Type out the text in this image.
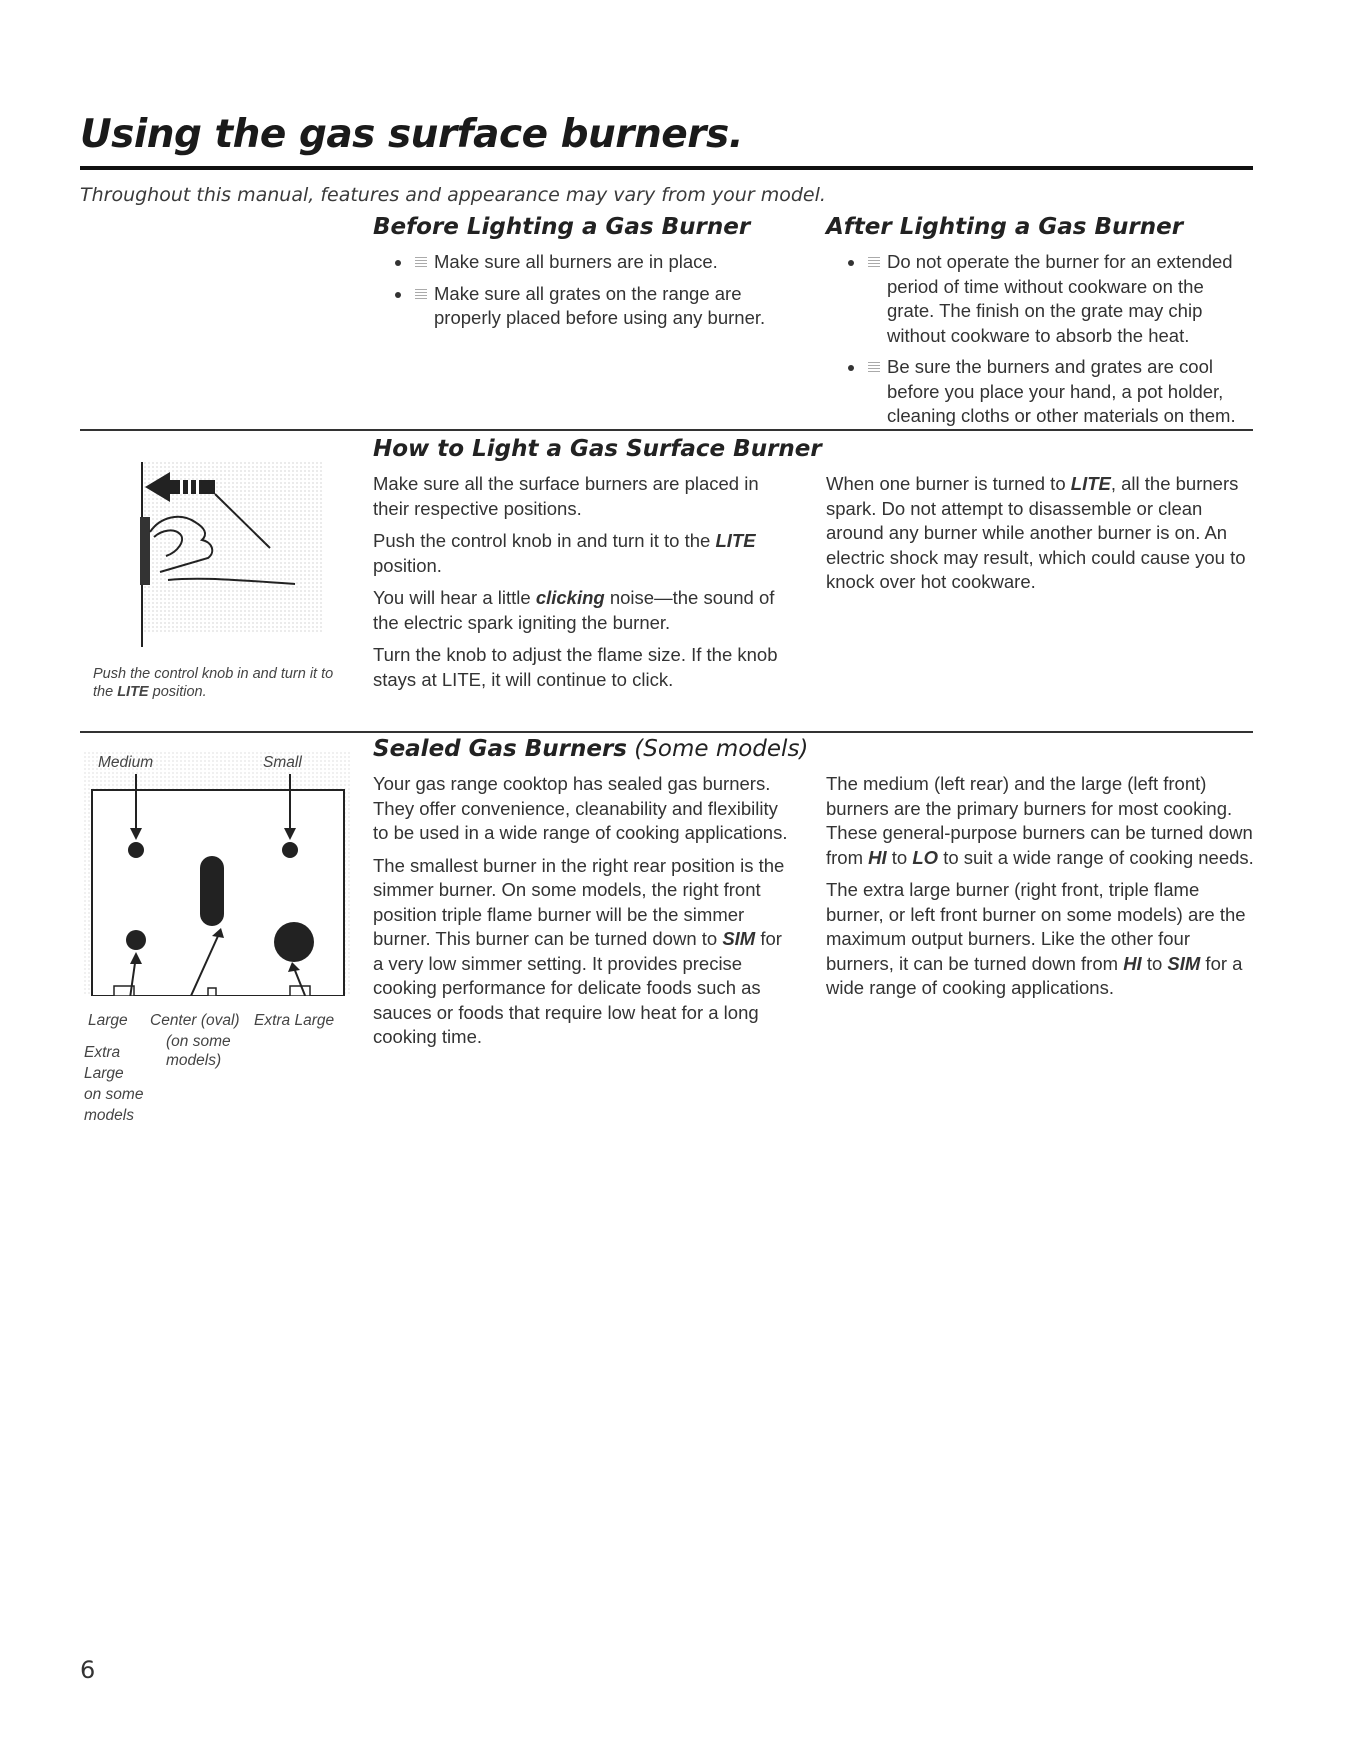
Using the gas surface burners.
Throughout this manual, features and appearance may vary from your model.
Before Lighting a Gas Burner
• Make sure all burners are in place.
• Make sure all grates on the range are properly placed before using any burner.
After Lighting a Gas Burner
• Do not operate the burner for an extended period of time without cookware on the grate. The finish on the grate may chip without cookware to absorb the heat.
• Be sure the burners and grates are cool before you place your hand, a pot holder, cleaning cloths or other materials on them.
Push the control knob in and turn it to the LITE position.
How to Light a Gas Surface Burner

Make sure all the surface burners are placed in their respective positions.

Push the control knob in and turn it to the LITE position.

You will hear a little clicking noise—the sound of the electric spark igniting the burner.

Turn the knob to adjust the flame size. If the knob stays at LITE, it will continue to click.

When one burner is turned to LITE, all the burners spark. Do not attempt to disassemble or clean around any burner while another burner is on. An electric shock may result, which could cause you to knock over hot cookware.

Medium	Small
Large Center (oval)
(on some models)
Extra Large
Extra Large on some models
Sealed Gas Burners (Some models)

Your gas range cooktop has sealed gas burners. They offer convenience, cleanability and flexibility to be used in a wide range of cooking applications.

The smallest burner in the right rear position is the simmer burner. On some models, the right front position triple flame burner will be the simmer burner. This burner can be turned down to SIM for a very low simmer setting. It provides precise cooking performance for delicate foods such as sauces or foods that require low heat for a long cooking time.

The medium (left rear) and the large (left front) burners are the primary burners for most cooking. These general-purpose burners can be turned down from HI to LO to suit a wide range of cooking needs.

The extra large burner (right front, triple flame burner, or left front burner on some models) are the maximum output burners. Like the other four burners, it can be turned down from HI to SIM for a wide range of cooking applications.

6
